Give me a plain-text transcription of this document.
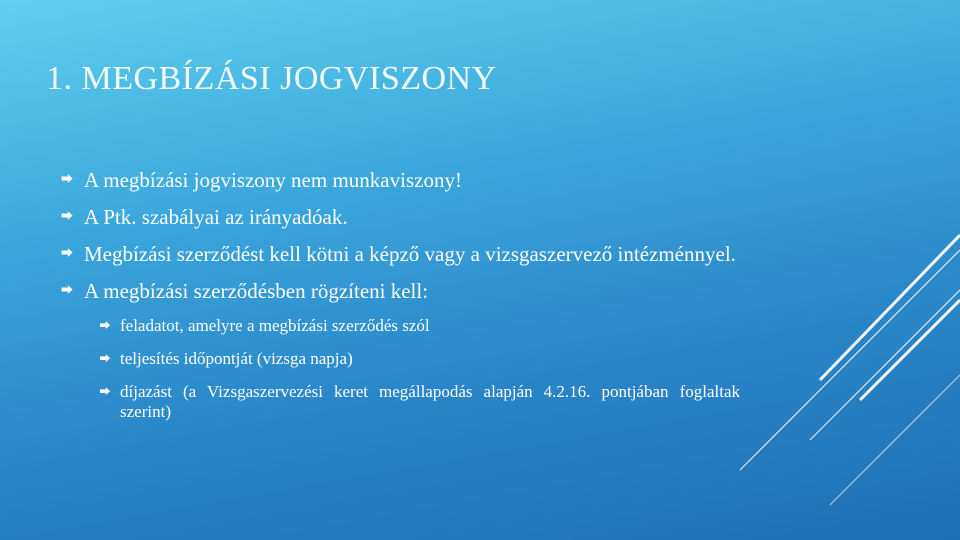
1. MEGBÍZÁSI JOGVISZONY
⮕ A megbízási jogviszony nem munkaviszony!
⮕ A Ptk. szabályai az irányadóak.
⮕ Megbízási szerződést kell kötni a képző vagy a vizsgaszervező intézménnyel.
⮕ A megbízási szerződésben rögzíteni kell:
⮕ feladatot, amelyre a megbízási szerződés szól
⮕ teljesítés időpontját (vizsga napja)
⮕ díjazást (a Vizsgaszervezési keret megállapodás alapján 4.2.16. pontjában foglaltak szerint)
